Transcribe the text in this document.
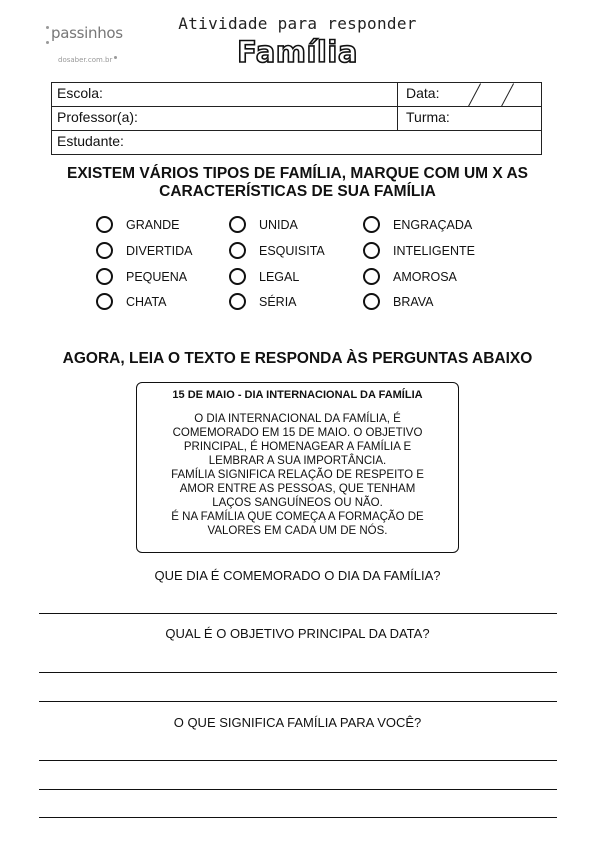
passinhos
dosaber.com.br
Atividade para responder
Família
Escola:	Data:
Professor(a):	Turma:
Estudante:
EXISTEM VÁRIOS TIPOS DE FAMÍLIA, MARQUE COM UM X AS
CARACTERÍSTICAS DE SUA FAMÍLIA
GRANDE	UNIDA	ENGRAÇADA
DIVERTIDA	ESQUISITA	INTELIGENTE
PEQUENA	LEGAL	AMOROSA
CHATA	SÉRIA	BRAVA
AGORA, LEIA O TEXTO E RESPONDA ÀS PERGUNTAS ABAIXO
15 DE MAIO - DIA INTERNACIONAL DA FAMÍLIA
O DIA INTERNACIONAL DA FAMÍLIA, É
COMEMORADO EM 15 DE MAIO. O OBJETIVO
PRINCIPAL, É HOMENAGEAR A FAMÍLIA E
LEMBRAR A SUA IMPORTÂNCIA.
FAMÍLIA SIGNIFICA RELAÇÃO DE RESPEITO E
AMOR ENTRE AS PESSOAS, QUE TENHAM
LAÇOS SANGUÍNEOS OU NÃO.
É NA FAMÍLIA QUE COMEÇA A FORMAÇÃO DE
VALORES EM CADA UM DE NÓS.
QUE DIA É COMEMORADO O DIA DA FAMÍLIA?
QUAL É O OBJETIVO PRINCIPAL DA DATA?
O QUE SIGNIFICA FAMÍLIA PARA VOCÊ?
